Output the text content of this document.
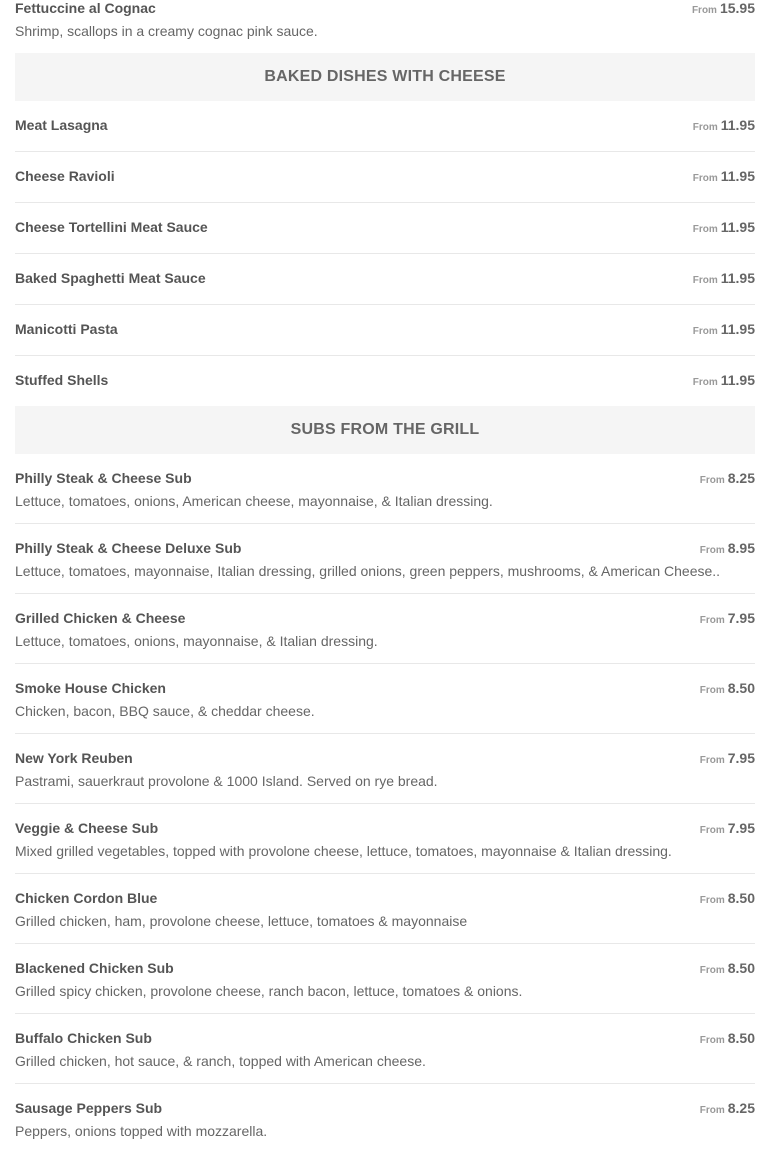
Fettuccine al Cognac	From 15.95
Shrimp, scallops in a creamy cognac pink sauce.
BAKED DISHES WITH CHEESE
Meat Lasagna	From 11.95
Cheese Ravioli	From 11.95
Cheese Tortellini Meat Sauce	From 11.95
Baked Spaghetti Meat Sauce	From 11.95
Manicotti Pasta	From 11.95
Stuffed Shells	From 11.95
SUBS FROM THE GRILL
Philly Steak & Cheese Sub	From 8.25
Lettuce, tomatoes, onions, American cheese, mayonnaise, & Italian dressing.
Philly Steak & Cheese Deluxe Sub	From 8.95
Lettuce, tomatoes, mayonnaise, Italian dressing, grilled onions, green peppers, mushrooms, & American Cheese..
Grilled Chicken & Cheese	From 7.95
Lettuce, tomatoes, onions, mayonnaise, & Italian dressing.
Smoke House Chicken	From 8.50
Chicken, bacon, BBQ sauce, & cheddar cheese.
New York Reuben	From 7.95
Pastrami, sauerkraut provolone & 1000 Island. Served on rye bread.
Veggie & Cheese Sub	From 7.95
Mixed grilled vegetables, topped with provolone cheese, lettuce, tomatoes, mayonnaise & Italian dressing.
Chicken Cordon Blue	From 8.50
Grilled chicken, ham, provolone cheese, lettuce, tomatoes & mayonnaise
Blackened Chicken Sub	From 8.50
Grilled spicy chicken, provolone cheese, ranch bacon, lettuce, tomatoes & onions.
Buffalo Chicken Sub	From 8.50
Grilled chicken, hot sauce, & ranch, topped with American cheese.
Sausage Peppers Sub	From 8.25
Peppers, onions topped with mozzarella.
